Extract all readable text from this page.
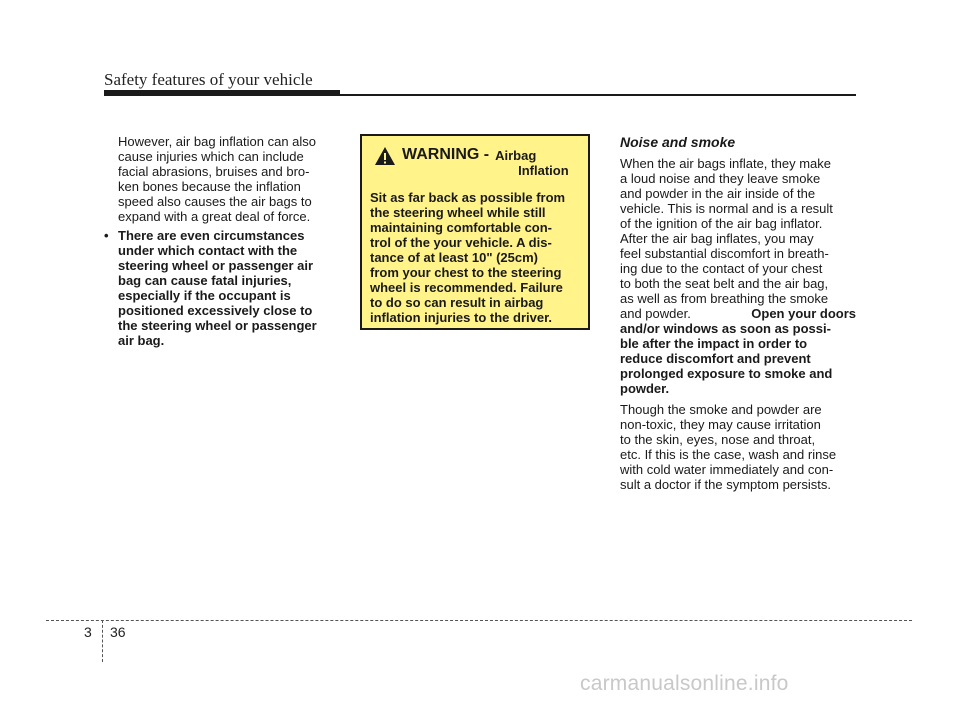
Safety features of your vehicle

However, air bag inflation can also
cause injuries which can include
facial abrasions, bruises and bro-
ken bones because the inflation
speed also causes the air bags to
expand with a great deal of force.

• There are even circumstances
under which contact with the
steering wheel or passenger air
bag can cause fatal injuries,
especially if the occupant is
positioned excessively close to
the steering wheel or passenger
air bag.
WARNING - Airbag
Inflation
Sit as far back as possible from
the steering wheel while still
maintaining comfortable con-
trol of the your vehicle. A dis-
tance of at least 10" (25cm)
from your chest to the steering
wheel is recommended. Failure
to do so can result in airbag
inflation injuries to the driver.

Noise and smoke

When the air bags inflate, they make
a loud noise and they leave smoke
and powder in the air inside of the
vehicle. This is normal and is a result
of the ignition of the air bag inflator.
After the air bag inflates, you may
feel substantial discomfort in breath-
ing due to the contact of your chest
to both the seat belt and the air bag,
as well as from breathing the smoke
and powder.	Open your doors
and/or windows as soon as possi-
ble after the impact in order to
reduce discomfort and prevent
prolonged exposure to smoke and
powder.

Though the smoke and powder are
non-toxic, they may cause irritation
to the skin, eyes, nose and throat,
etc. If this is the case, wash and rinse
with cold water immediately and con-
sult a doctor if the symptom persists.

3 36
carmanualsonline.info
